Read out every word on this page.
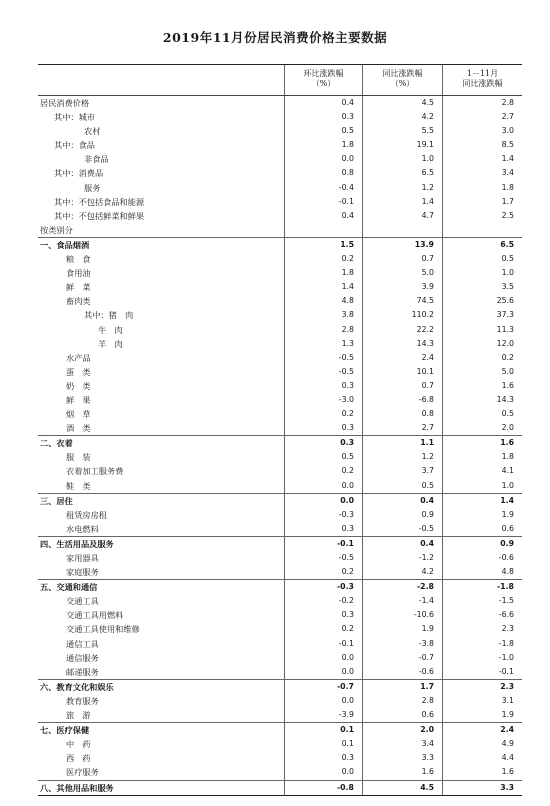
2019年11月份居民消费价格主要数据
环比涨跌幅
（%）
同比涨跌幅
（%）
1－11月
同比涨跌幅
居民消费价格	0.4	4.5	2.8
其中：城市	0.3	4.2	2.7
农村	0.5	5.5	3.0
其中：食品	1.8	19.1	8.5
非食品	0.0	1.0	1.4
其中：消费品	0.8	6.5	3.4
服务	-0.4	1.2	1.8
其中：不包括食品和能源	-0.1	1.4	1.7
其中：不包括鲜菜和鲜果	0.4	4.7	2.5
按类别分
一、食品烟酒	1.5	13.9	6.5
粮　食	0.2	0.7	0.5
食用油	1.8	5.0	1.0
鲜　菜	1.4	3.9	3.5
畜肉类	4.8	74.5	25.6
其中：猪　肉	3.8	110.2	37.3
牛　肉	2.8	22.2	11.3
羊　肉	1.3	14.3	12.0
水产品	-0.5	2.4	0.2
蛋　类	-0.5	10.1	5.0
奶　类	0.3	0.7	1.6
鲜　果	-3.0	-6.8	14.3
烟　草	0.2	0.8	0.5
酒　类	0.3	2.7	2.0
二、衣着	0.3	1.1	1.6
服　装	0.5	1.2	1.8
衣着加工服务费	0.2	3.7	4.1
鞋　类	0.0	0.5	1.0
三、居住	0.0	0.4	1.4
租赁房房租	-0.3	0.9	1.9
水电燃料	0.3	-0.5	0.6
四、生活用品及服务	-0.1	0.4	0.9
家用器具	-0.5	-1.2	-0.6
家庭服务	0.2	4.2	4.8
五、交通和通信	-0.3	-2.8	-1.8
交通工具	-0.2	-1.4	-1.5
交通工具用燃料	0.3	-10.6	-6.6
交通工具使用和维修	0.2	1.9	2.3
通信工具	-0.1	-3.8	-1.8
通信服务	0.0	-0.7	-1.0
邮递服务	0.0	-0.6	-0.1
六、教育文化和娱乐	-0.7	1.7	2.3
教育服务	0.0	2.8	3.1
旅　游	-3.9	0.6	1.9
七、医疗保健	0.1	2.0	2.4
中　药	0.1	3.4	4.9
西　药	0.3	3.3	4.4
医疗服务	0.0	1.6	1.6
八、其他用品和服务	-0.8	4.5	3.3
